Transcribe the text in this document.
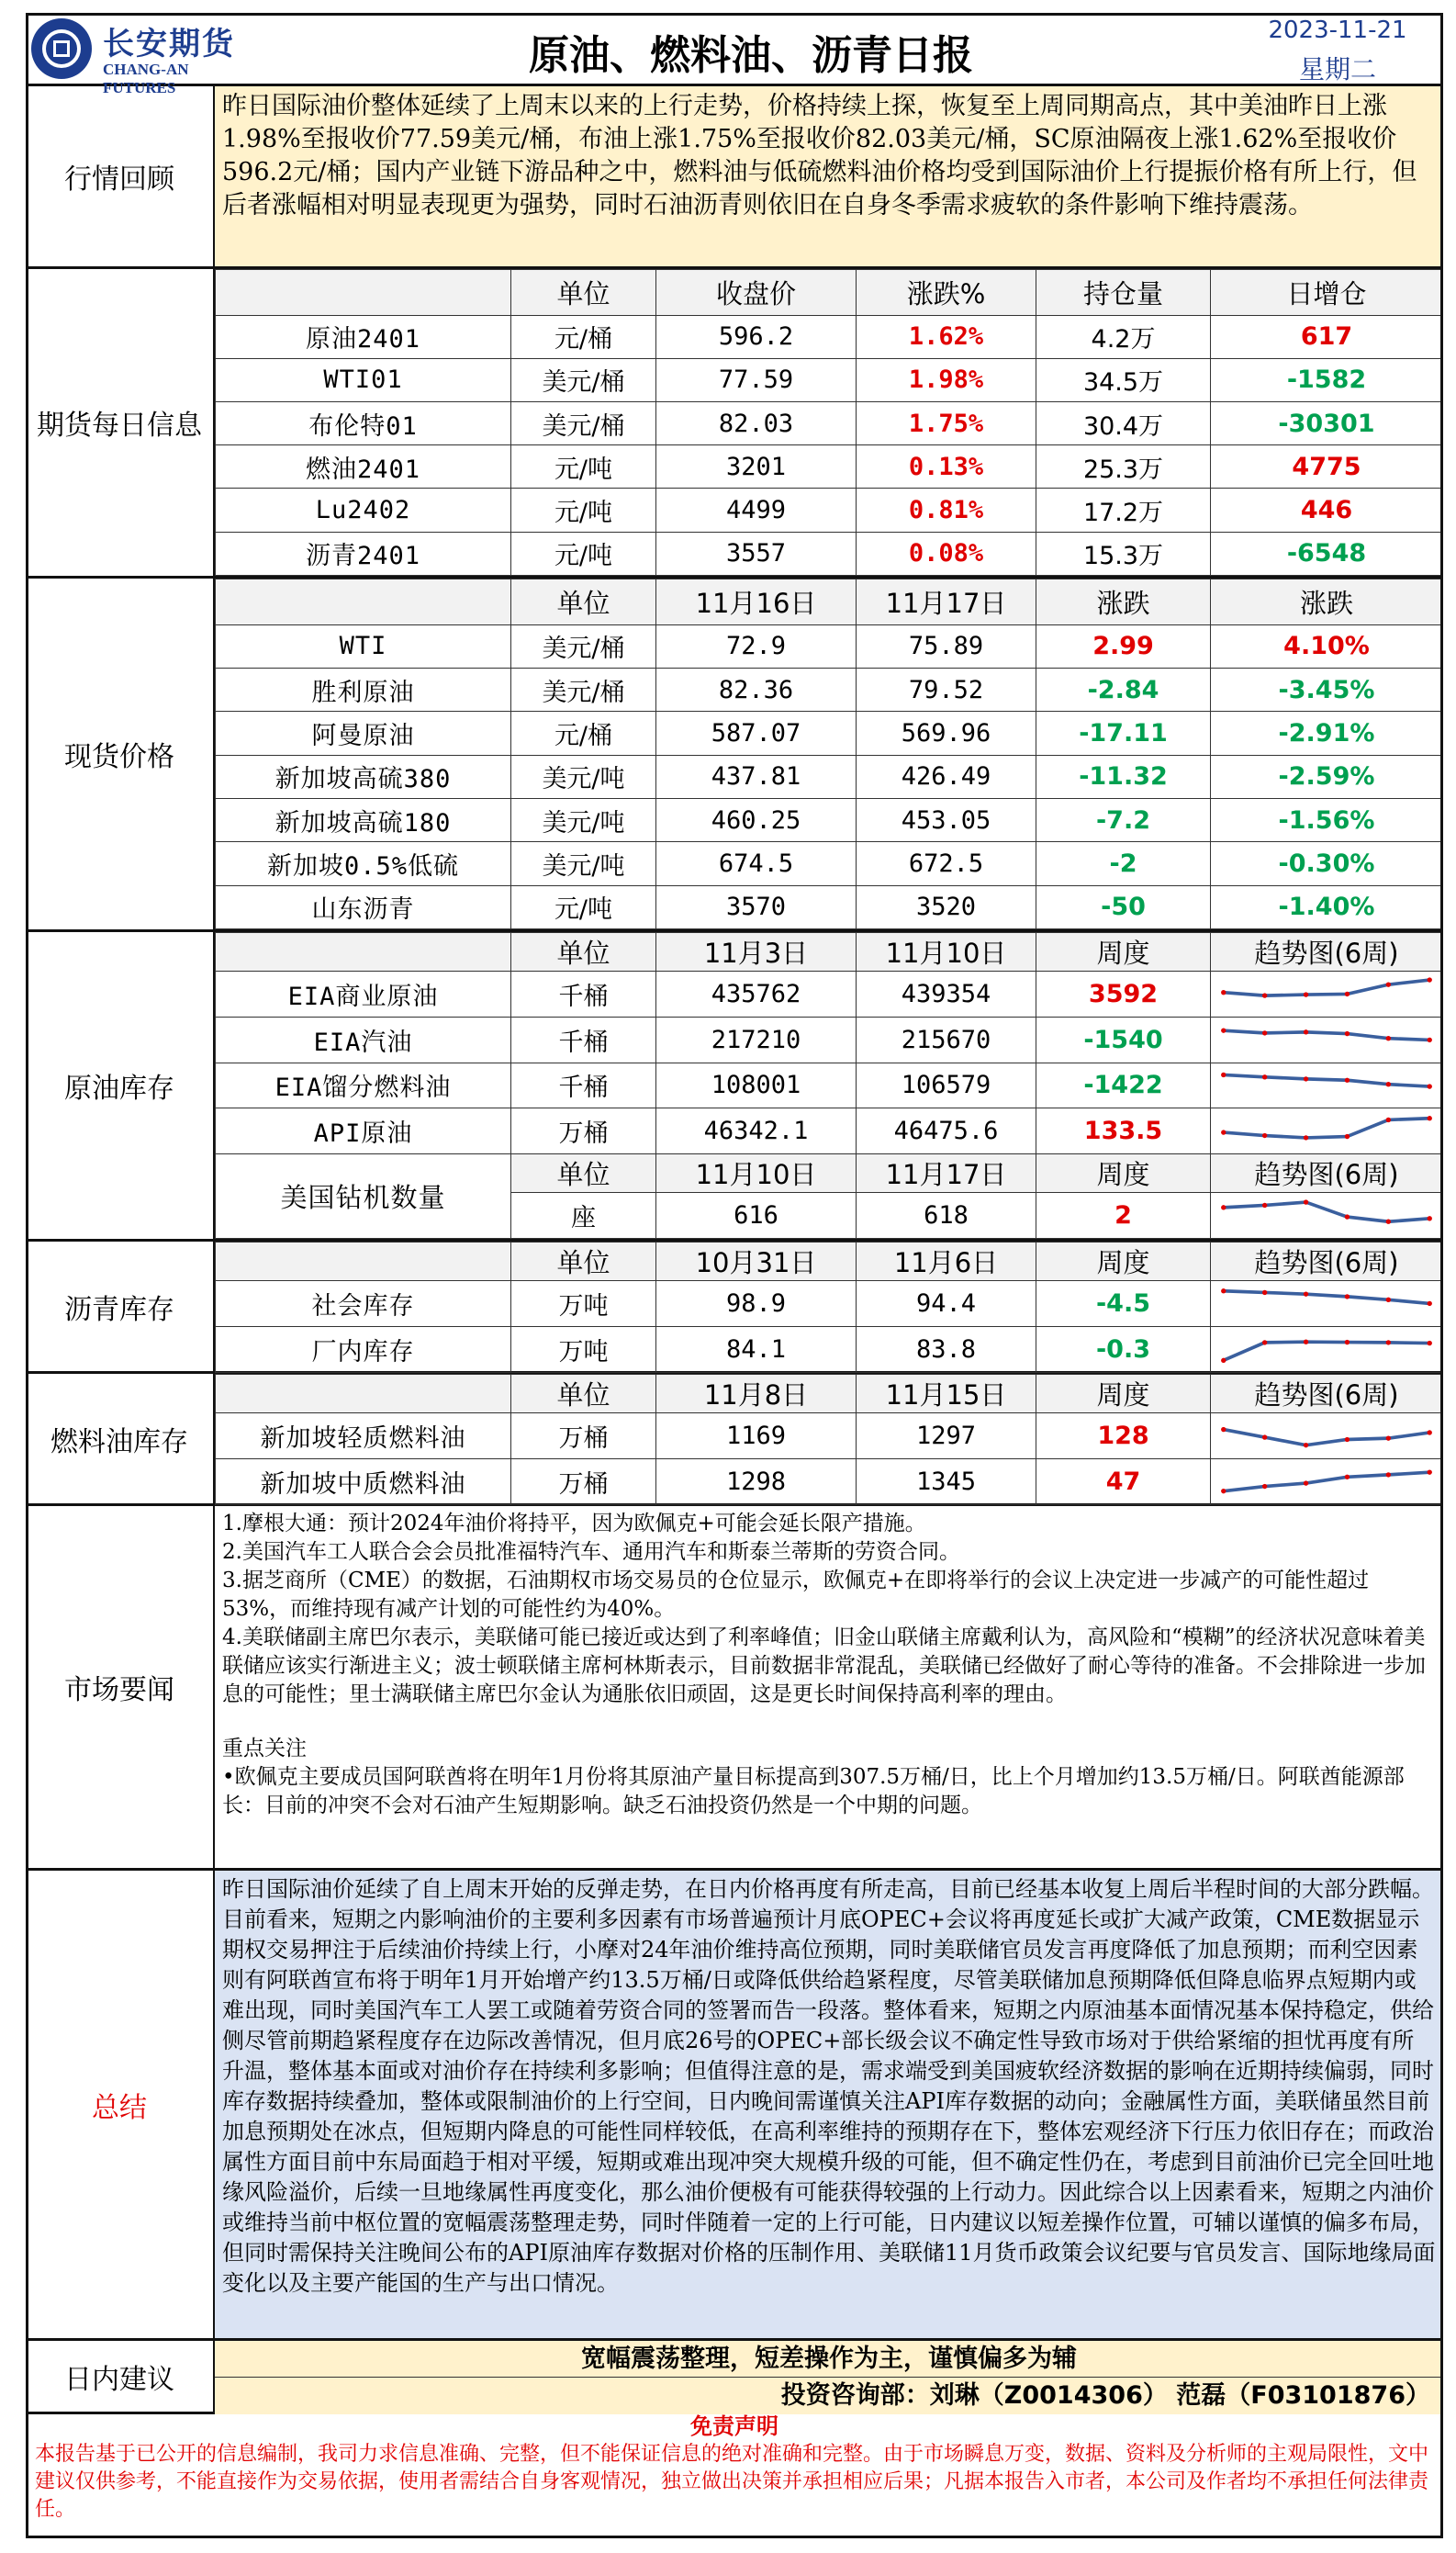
长安期货
CHANG-AN FUTURES
原油、燃料油、沥青日报
2023-11-21
星期二
行情回顾
昨日国际油价整体延续了上周末以来的上行走势，价格持续上探，恢复至上周同期高点，其中美油昨日上涨1.98%至报收价77.59美元/桶，布油上涨1.75%至报收价82.03美元/桶，SC原油隔夜上涨1.62%至报收价596.2元/桶；国内产业链下游品种之中，燃料油与低硫燃料油价格均受到国际油价上行提振价格有所上行，但后者涨幅相对明显表现更为强势，同时石油沥青则依旧在自身冬季需求疲软的条件影响下维持震荡。
期货每日信息
	单位	收盘价	涨跌%	持仓量	日增仓
原油2401	元/桶	596.2	1.62%	4.2万	617
WTI01	美元/桶	77.59	1.98%	34.5万	-1582
布伦特01	美元/桶	82.03	1.75%	30.4万	-30301
燃油2401	元/吨	3201	0.13%	25.3万	4775
Lu2402	元/吨	4499	0.81%	17.2万	446
沥青2401	元/吨	3557	0.08%	15.3万	-6548
现货价格
	单位	11月16日	11月17日	涨跌	涨跌
WTI	美元/桶	72.9	75.89	2.99	4.10%
胜利原油	美元/桶	82.36	79.52	-2.84	-3.45%
阿曼原油	元/桶	587.07	569.96	-17.11	-2.91%
新加坡高硫380	美元/吨	437.81	426.49	-11.32	-2.59%
新加坡高硫180	美元/吨	460.25	453.05	-7.2	-1.56%
新加坡0.5%低硫	美元/吨	674.5	672.5	-2	-0.30%
山东沥青	元/吨	3570	3520	-50	-1.40%
原油库存
	单位	11月3日	11月10日	周度	趋势图(6周)
EIA商业原油	千桶	435762	439354	3592	

EIA汽油	千桶	217210	215670	-1540	

EIA馏分燃料油	千桶	108001	106579	-1422	

API原油	万桶	46342.1	46475.6	133.5	

美国钻机数量	单位	11月10日	11月17日	周度	趋势图(6周)
	座	616	618	2	
沥青库存
	单位	10月31日	11月6日	周度	趋势图(6周)
社会库存	万吨	98.9	94.4	-4.5	

厂内库存	万吨	84.1	83.8	-0.3	
燃料油库存
	单位	11月8日	11月15日	周度	趋势图(6周)
新加坡轻质燃料油	万桶	1169	1297	128	

新加坡中质燃料油	万桶	1298	1345	47	
市场要闻
1.摩根大通：预计2024年油价将持平，因为欧佩克+可能会延长限产措施。
2.美国汽车工人联合会会员批准福特汽车、通用汽车和斯泰兰蒂斯的劳资合同。
3.据芝商所（CME）的数据，石油期权市场交易员的仓位显示，欧佩克+在即将举行的会议上决定进一步减产的可能性超过53%，而维持现有减产计划的可能性约为40%。
4.美联储副主席巴尔表示，美联储可能已接近或达到了利率峰值；旧金山联储主席戴利认为，高风险和“模糊”的经济状况意味着美联储应该实行渐进主义；波士顿联储主席柯林斯表示，目前数据非常混乱，美联储已经做好了耐心等待的准备。不会排除进一步加息的可能性；里士满联储主席巴尔金认为通胀依旧顽固，这是更长时间保持高利率的理由。
重点关注
•欧佩克主要成员国阿联酋将在明年1月份将其原油产量目标提高到307.5万桶/日，比上个月增加约13.5万桶/日。阿联酋能源部长：目前的冲突不会对石油产生短期影响。缺乏石油投资仍然是一个中期的问题。
总结
昨日国际油价延续了自上周末开始的反弹走势，在日内价格再度有所走高，目前已经基本收复上周后半程时间的大部分跌幅。目前看来，短期之内影响油价的主要利多因素有市场普遍预计月底OPEC+会议将再度延长或扩大减产政策，CME数据显示期权交易押注于后续油价持续上行，小摩对24年油价维持高位预期，同时美联储官员发言再度降低了加息预期；而利空因素则有阿联酋宣布将于明年1月开始增产约13.5万桶/日或降低供给趋紧程度，尽管美联储加息预期降低但降息临界点短期内或难出现，同时美国汽车工人罢工或随着劳资合同的签署而告一段落。整体看来，短期之内原油基本面情况基本保持稳定，供给侧尽管前期趋紧程度存在边际改善情况，但月底26号的OPEC+部长级会议不确定性导致市场对于供给紧缩的担忧再度有所升温，整体基本面或对油价存在持续利多影响；但值得注意的是，需求端受到美国疲软经济数据的影响在近期持续偏弱，同时库存数据持续叠加，整体或限制油价的上行空间，日内晚间需谨慎关注API库存数据的动向；金融属性方面，美联储虽然目前加息预期处在冰点，但短期内降息的可能性同样较低，在高利率维持的预期存在下，整体宏观经济下行压力依旧存在；而政治属性方面目前中东局面趋于相对平缓，短期或难出现冲突大规模升级的可能，但不确定性仍在，考虑到目前油价已完全回吐地缘风险溢价，后续一旦地缘属性再度变化，那么油价便极有可能获得较强的上行动力。因此综合以上因素看来，短期之内油价或维持当前中枢位置的宽幅震荡整理走势，同时伴随着一定的上行可能，日内建议以短差操作位置，可辅以谨慎的偏多布局，但同时需保持关注晚间公布的API原油库存数据对价格的压制作用、美联储11月货币政策会议纪要与官员发言、国际地缘局面变化以及主要产能国的生产与出口情况。
日内建议
宽幅震荡整理，短差操作为主，谨慎偏多为辅
投资咨询部：刘琳（Z0014306） 范磊（F03101876）
免责声明
本报告基于已公开的信息编制，我司力求信息准确、完整，但不能保证信息的绝对准确和完整。由于市场瞬息万变，数据、资料及分析师的主观局限性，文中建议仅供参考，不能直接作为交易依据，使用者需结合自身客观情况，独立做出决策并承担相应后果；凡据本报告入市者，本公司及作者均不承担任何法律责任。
